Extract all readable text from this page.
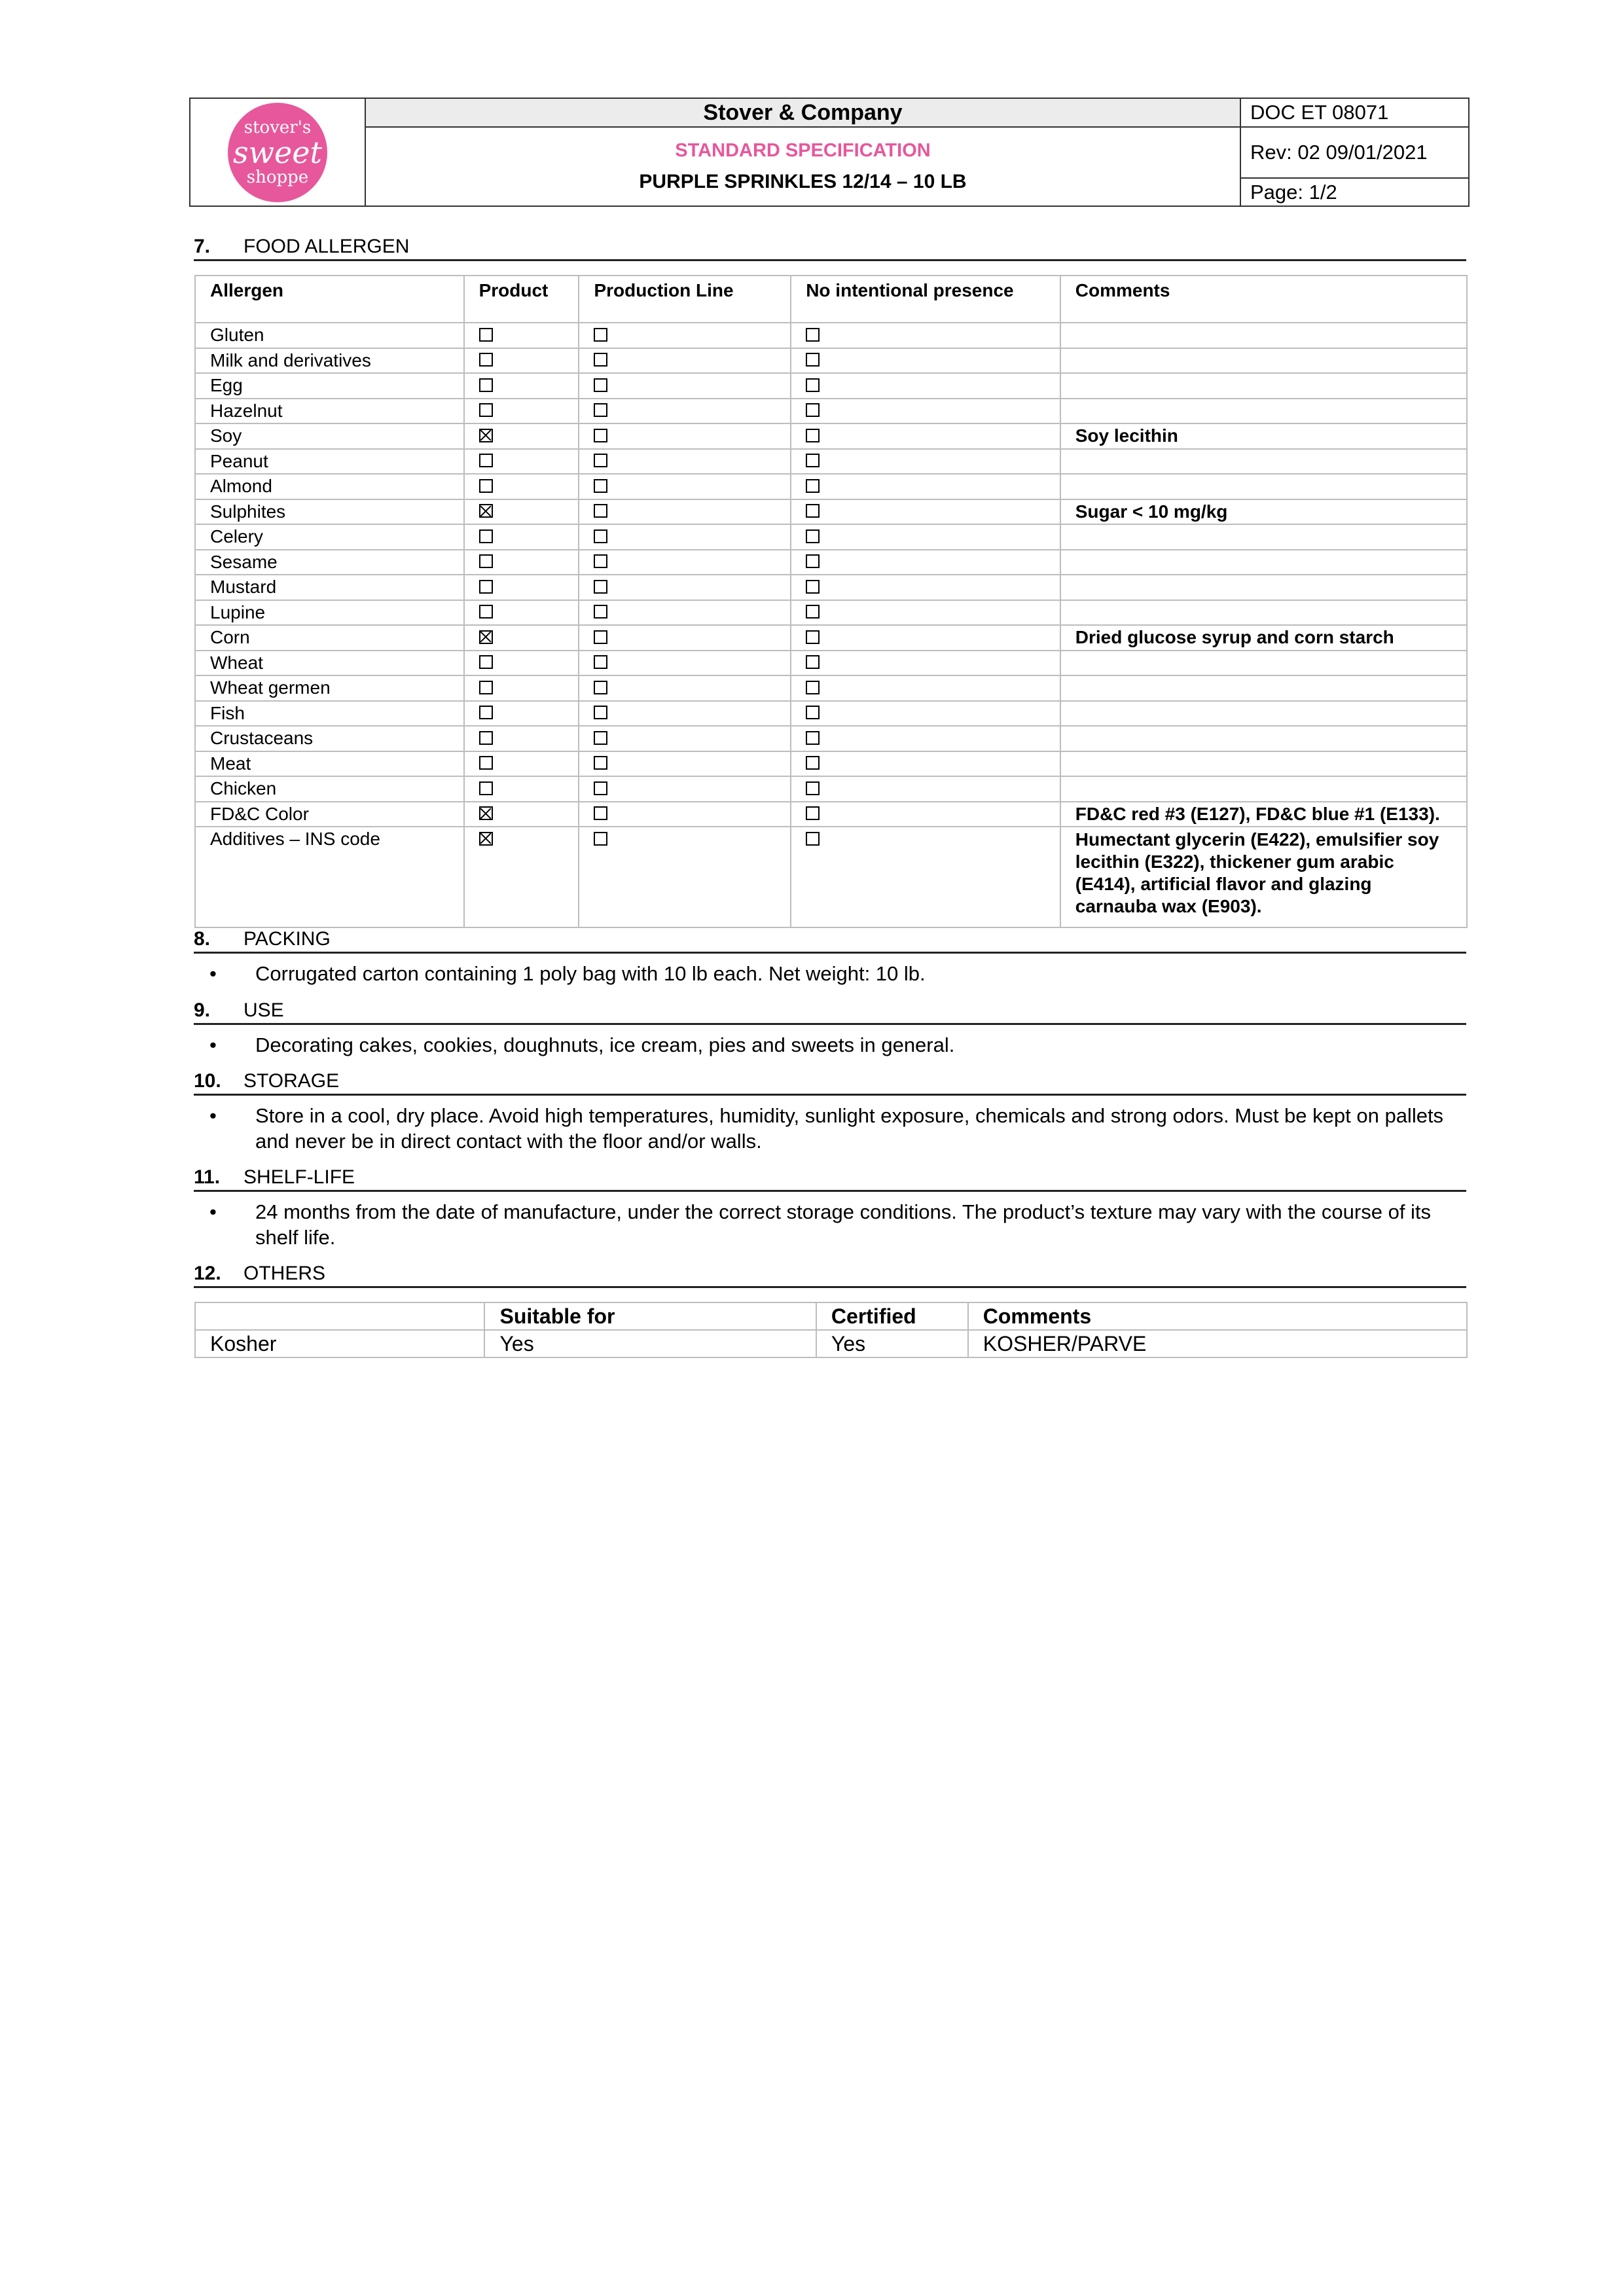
stover's
sweet
shoppe
Stover & Company
STANDARD SPECIFICATION
PURPLE SPRINKLES 12/14 – 10 LB
DOC ET 08071
Rev: 02 09/01/2021
Page: 1/2
7.	FOOD ALLERGEN
Allergen	Product	Production Line	No intentional presence	Comments
Gluten				
Milk and derivatives				
Egg				
Hazelnut				
Soy				Soy lecithin
Peanut				
Almond				
Sulphites				Sugar < 10 mg/kg
Celery				
Sesame				
Mustard				
Lupine				
Corn				Dried glucose syrup and corn starch
Wheat				
Wheat germen				
Fish				
Crustaceans				
Meat				
Chicken				
FD&C Color				FD&C red #3 (E127), FD&C blue #1 (E133).
Additives – INS code				Humectant glycerin (E422), emulsifier soy lecithin (E322), thickener gum arabic (E414), artificial flavor and glazing carnauba wax (E903).
8.	PACKING
•	Corrugated carton containing 1 poly bag with 10 lb each. Net weight: 10 lb.
9.	USE
•	Decorating cakes, cookies, doughnuts, ice cream, pies and sweets in general.
10.	STORAGE
•	Store in a cool, dry place. Avoid high temperatures, humidity, sunlight exposure, chemicals and strong odors. Must be kept on pallets and never be in direct contact with the floor and/or walls.
11.	SHELF-LIFE
•	24 months from the date of manufacture, under the correct storage conditions. The product’s texture may vary with the course of its shelf life.
12.	OTHERS
	Suitable for	Certified	Comments
Kosher	Yes	Yes	KOSHER/PARVE
